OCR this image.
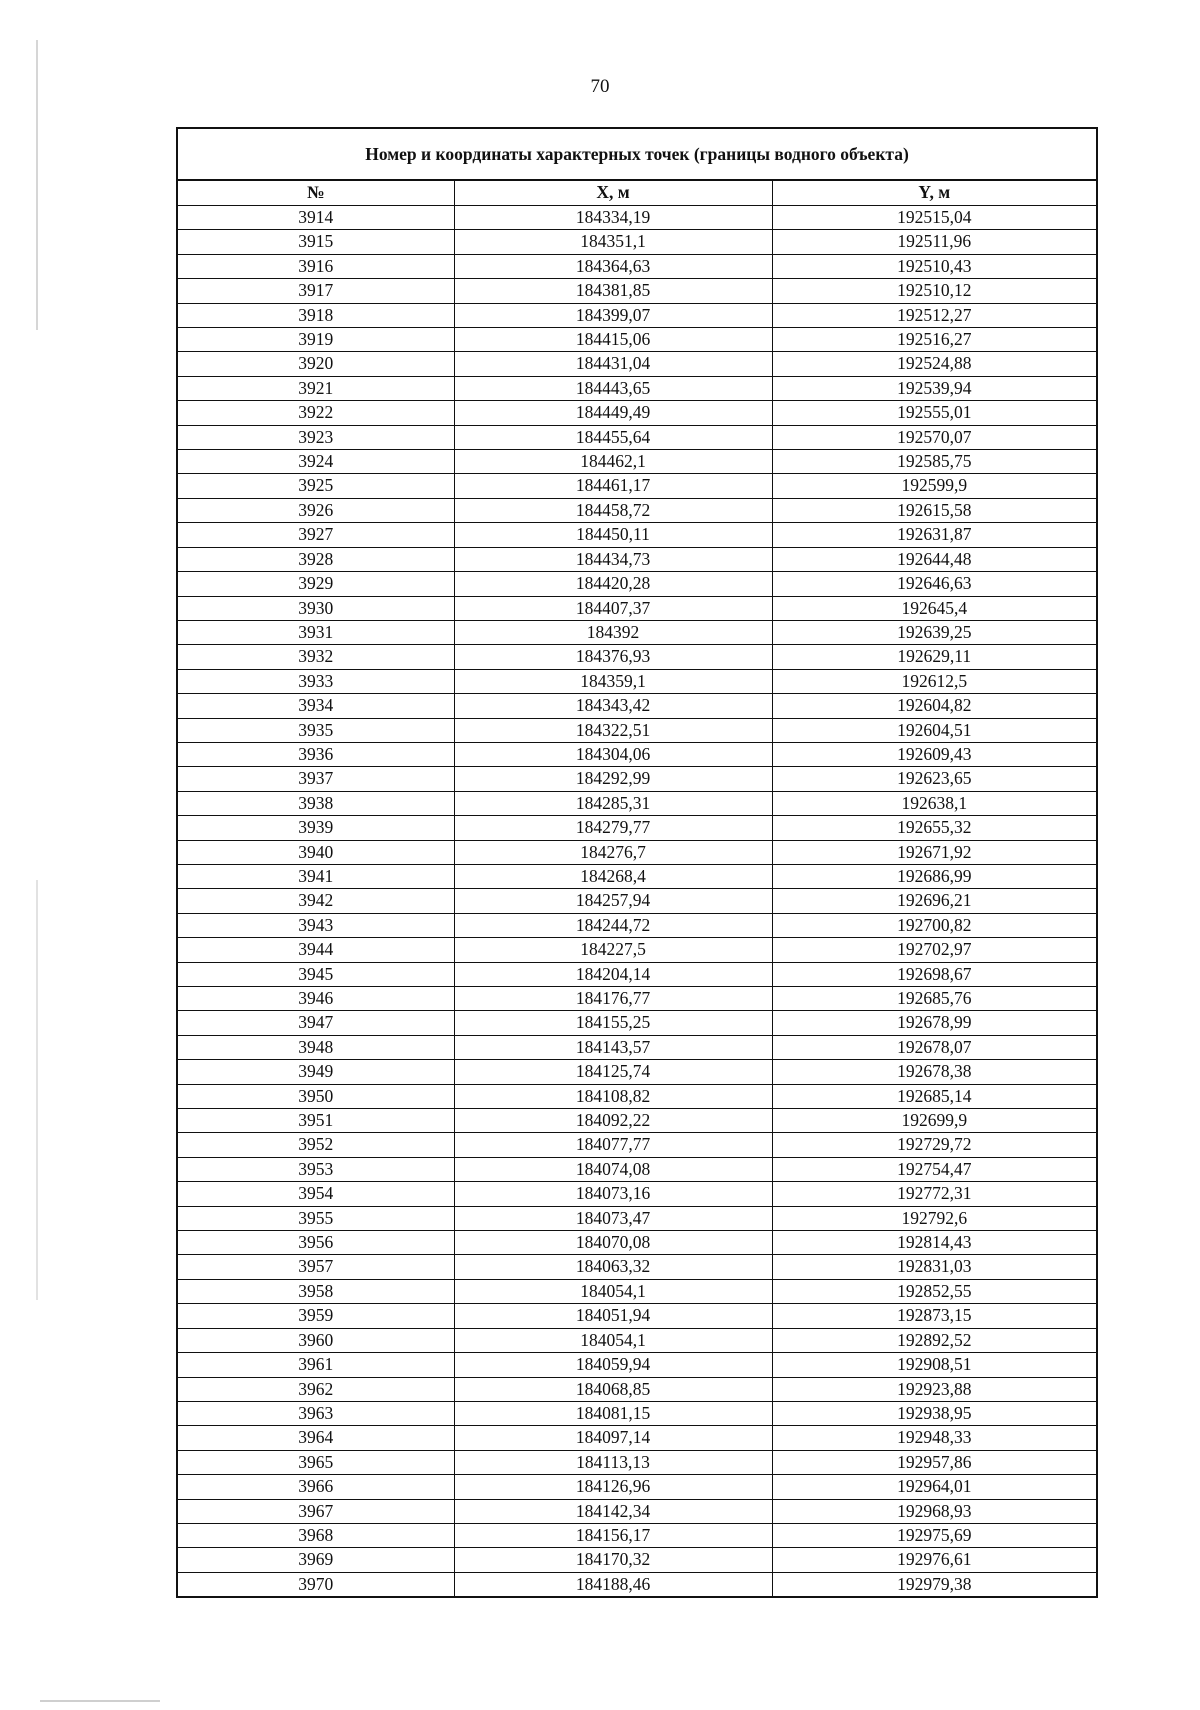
70
Номер и координаты характерных точек (границы водного объекта)		
№	X, м	Y, м
3914	184334,19	192515,04
3915	184351,1	192511,96
3916	184364,63	192510,43
3917	184381,85	192510,12
3918	184399,07	192512,27
3919	184415,06	192516,27
3920	184431,04	192524,88
3921	184443,65	192539,94
3922	184449,49	192555,01
3923	184455,64	192570,07
3924	184462,1	192585,75
3925	184461,17	192599,9
3926	184458,72	192615,58
3927	184450,11	192631,87
3928	184434,73	192644,48
3929	184420,28	192646,63
3930	184407,37	192645,4
3931	184392	192639,25
3932	184376,93	192629,11
3933	184359,1	192612,5
3934	184343,42	192604,82
3935	184322,51	192604,51
3936	184304,06	192609,43
3937	184292,99	192623,65
3938	184285,31	192638,1
3939	184279,77	192655,32
3940	184276,7	192671,92
3941	184268,4	192686,99
3942	184257,94	192696,21
3943	184244,72	192700,82
3944	184227,5	192702,97
3945	184204,14	192698,67
3946	184176,77	192685,76
3947	184155,25	192678,99
3948	184143,57	192678,07
3949	184125,74	192678,38
3950	184108,82	192685,14
3951	184092,22	192699,9
3952	184077,77	192729,72
3953	184074,08	192754,47
3954	184073,16	192772,31
3955	184073,47	192792,6
3956	184070,08	192814,43
3957	184063,32	192831,03
3958	184054,1	192852,55
3959	184051,94	192873,15
3960	184054,1	192892,52
3961	184059,94	192908,51
3962	184068,85	192923,88
3963	184081,15	192938,95
3964	184097,14	192948,33
3965	184113,13	192957,86
3966	184126,96	192964,01
3967	184142,34	192968,93
3968	184156,17	192975,69
3969	184170,32	192976,61
3970	184188,46	192979,38
